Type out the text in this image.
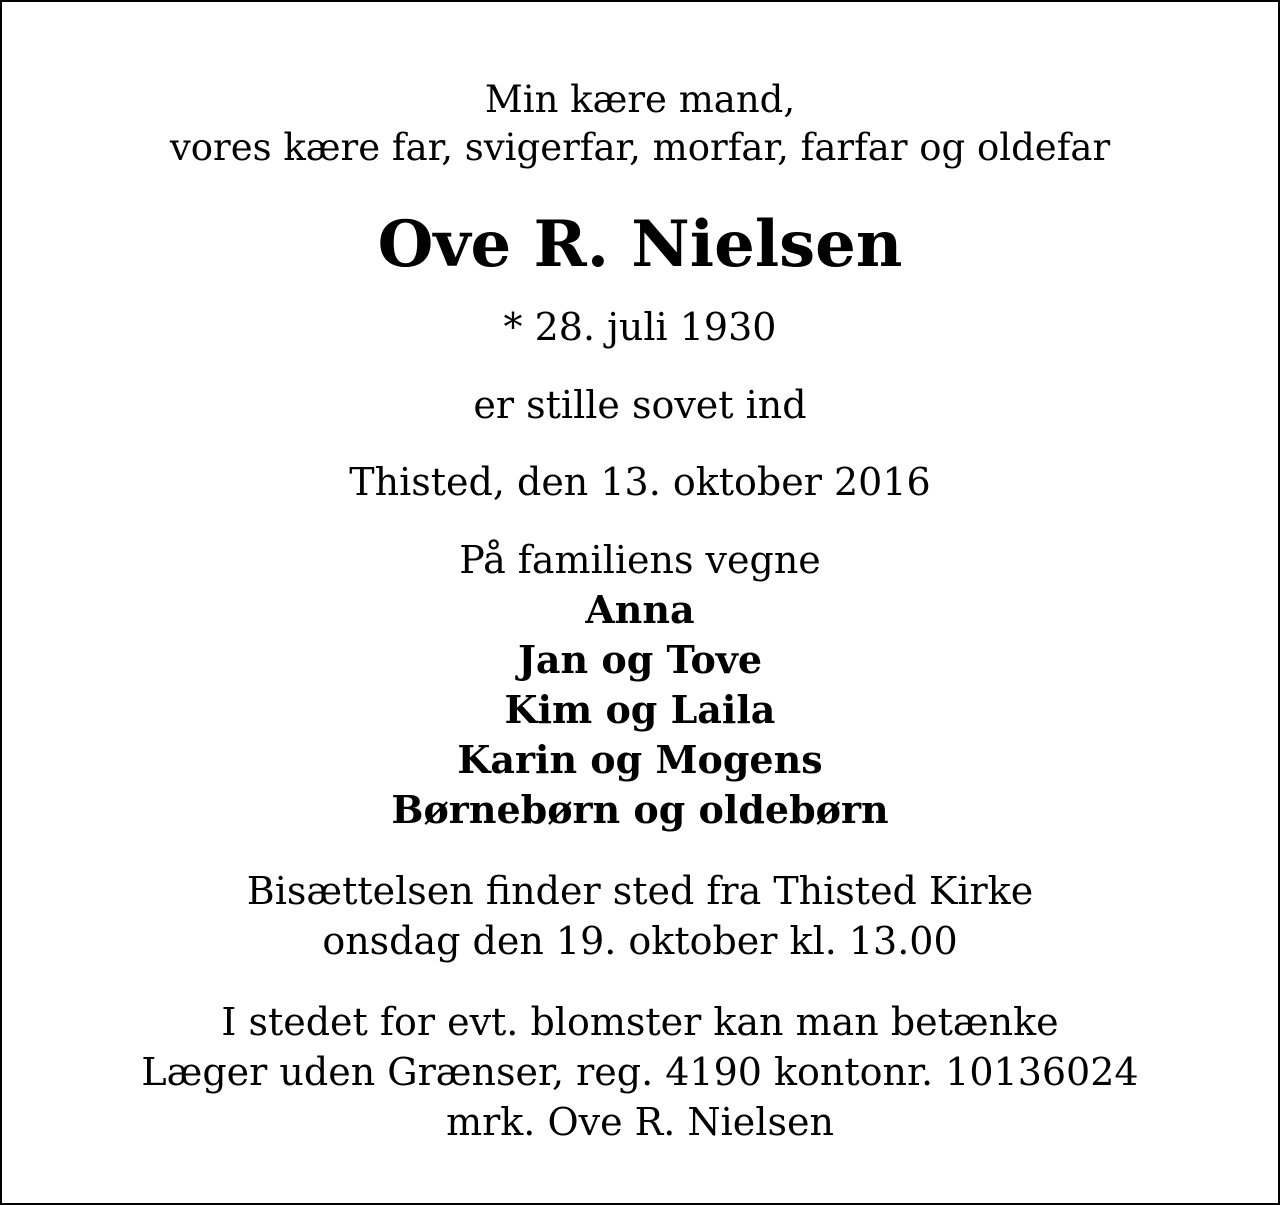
Min kære mand,
vores kære far, svigerfar, morfar, farfar og oldefar
Ove R. Nielsen
* 28. juli 1930
er stille sovet ind
Thisted, den 13. oktober 2016
På familiens vegne
Anna
Jan og Tove
Kim og Laila
Karin og Mogens
Børnebørn og oldebørn
Bisættelsen finder sted fra Thisted Kirke
onsdag den 19. oktober kl. 13.00
I stedet for evt. blomster kan man betænke
Læger uden Grænser, reg. 4190 kontonr. 10136024
mrk. Ove R. Nielsen
